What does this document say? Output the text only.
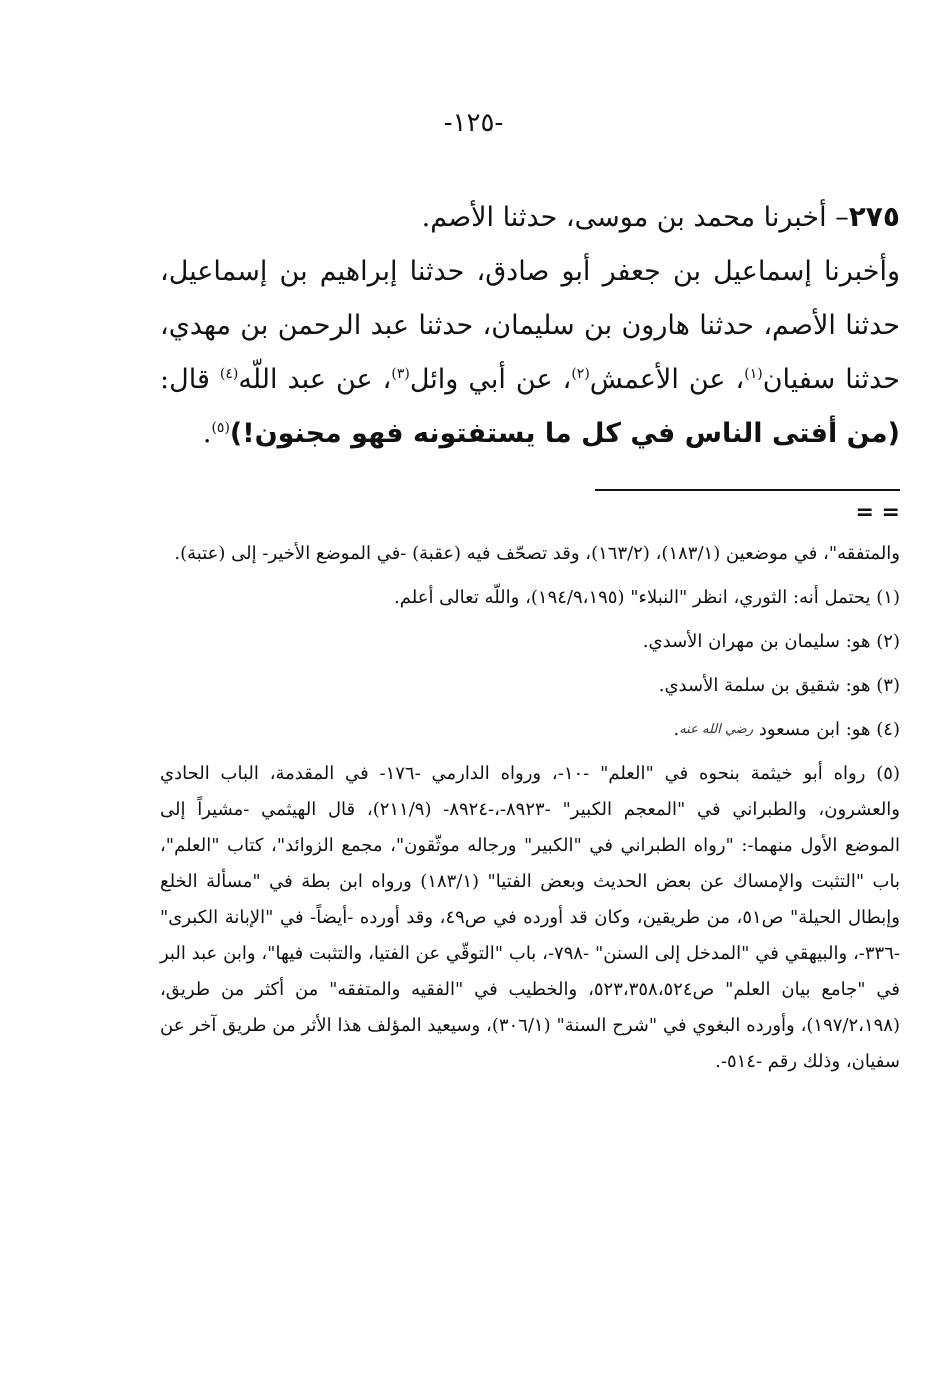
-١٢٥-

٢٧٥– أخبرنا محمد بن موسى، حدثنا الأصم.

وأخبرنا إسماعيل بن جعفر أبو صادق، حدثنا إبراهيم بن إسماعيل، حدثنا الأصم، حدثنا هارون بن سليمان، حدثنا عبد الرحمن بن مهدي، حدثنا سفيان$^{(١)}$، عن الأعمش$^{(٢)}$، عن أبي وائل$^{(٣)}$، عن عبد اللّه$^{(٤)}$ قال: (من أفتى الناس في كل ما يستفتونه فهو مجنون!)$^{(٥)}$.

= =

والمتفقه"، في موضعين (١٨٣/١)، (١٦٣/٢)، وقد تصحّف فيه (عقبة) -في الموضع الأخير- إلى (عتبة).

(١) يحتمل أنه: الثوري، انظر "النبلاء" (١٩٤/٩،١٩٥)، واللّه تعالى أعلم.

(٢) هو: سليمان بن مهران الأسدي.

(٣) هو: شقيق بن سلمة الأسدي.

(٤) هو: ابن مسعود رضي الله عنه.

(٥) رواه أبو خيثمة بنحوه في "العلم" -١٠-، ورواه الدارمي -١٧٦- في المقدمة، الباب الحادي والعشرون، والطبراني في "المعجم الكبير" -٨٩٢٣-،-٨٩٢٤- (٢١١/٩)، قال الهيثمي -مشيراً إلى الموضع الأول منهما-: "رواه الطبراني في "الكبير" ورجاله موثّقون"، مجمع الزوائد"، كتاب "العلم"، باب "التثبت والإمساك عن بعض الحديث وبعض الفتيا" (١٨٣/١) ورواه ابن بطة في "مسألة الخلع وإبطال الحيلة" ص٥١، من طريقين، وكان قد أورده في ص٤٩، وقد أورده -أيضاً- في "الإبانة الكبرى" -٣٣٦-، والبيهقي في "المدخل إلى السنن" -٧٩٨-، باب "التوقّي عن الفتيا، والتثبت فيها"، وابن عبد البر في "جامع بيان العلم" ص٥٢٣،٣٥٨،٥٢٤، والخطيب في "الفقيه والمتفقه" من أكثر من طريق، (١٩٧/٢،١٩٨)، وأورده البغوي في "شرح السنة" (٣٠٦/١)، وسيعيد المؤلف هذا الأثر من طريق آخر عن سفيان، وذلك رقم -٥١٤-.
